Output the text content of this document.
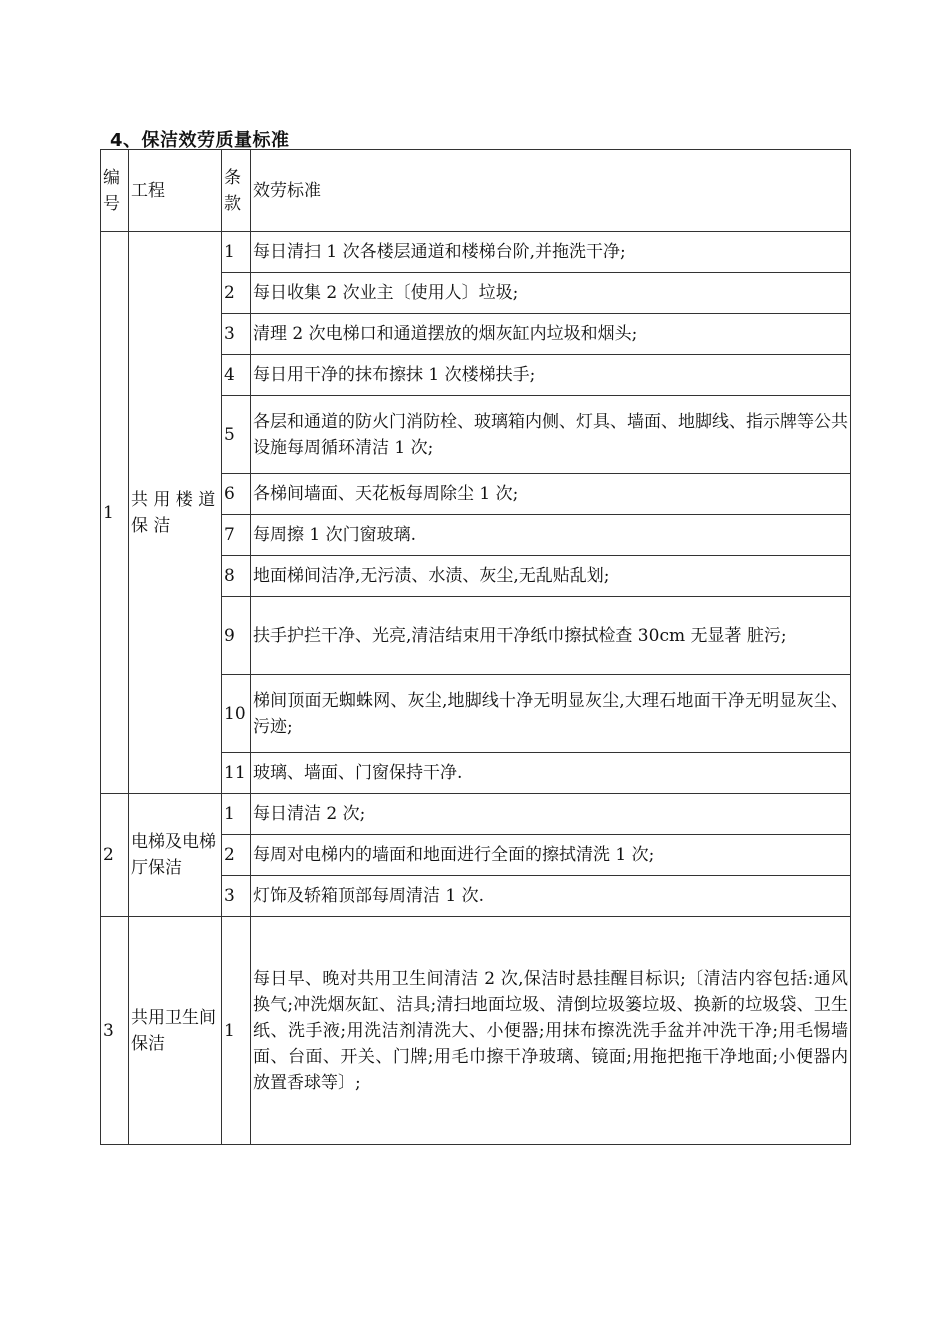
4、保洁效劳质量标准
编号	工程	条款	效劳标准
1	共 用 楼 道 保 洁	1	每日清扫 1 次各楼层通道和楼梯台阶,并拖洗干净;
		2	每日收集 2 次业主〔使用人〕垃圾;
		3	清理 2 次电梯口和通道摆放的烟灰缸内垃圾和烟头;
		4	每日用干净的抹布擦抹 1 次楼梯扶手;
		5	各层和通道的防火门消防栓、玻璃箱内侧、灯具、墙面、地脚线、指示牌等公共设施每周循环清洁 1 次;
		6	各梯间墙面、天花板每周除尘 1 次;
		7	每周擦 1 次门窗玻璃.
		8	地面梯间洁净,无污渍、水渍、灰尘,无乱贴乱划;
		9	扶手护拦干净、光亮,清洁结束用干净纸巾擦拭检查 30cm 无显著 脏污;
		10	梯间顶面无蜘蛛网、灰尘,地脚线十净无明显灰尘,大理石地面干净无明显灰尘、污迹;
		11	玻璃、墙面、门窗保持干净.
2	电梯及电梯厅保洁	1	每日清洁 2 次;
		2	每周对电梯内的墙面和地面进行全面的擦拭清洗 1 次;
		3	灯饰及轿箱顶部每周清洁 1 次.
3	共用卫生间保洁	1	每日早、晚对共用卫生间清洁 2 次,保洁时悬挂醒目标识;〔清洁内容包括:通风换气;冲洗烟灰缸、洁具;清扫地面垃圾、清倒垃圾篓垃圾、换新的垃圾袋、卫生纸、洗手液;用洗洁剂清洗大、小便器;用抹布擦洗洗手盆并冲洗干净;用毛惕墙面、台面、开关、门牌;用毛巾擦干净玻璃、镜面;用拖把拖干净地面;小便器内放置香球等〕;
